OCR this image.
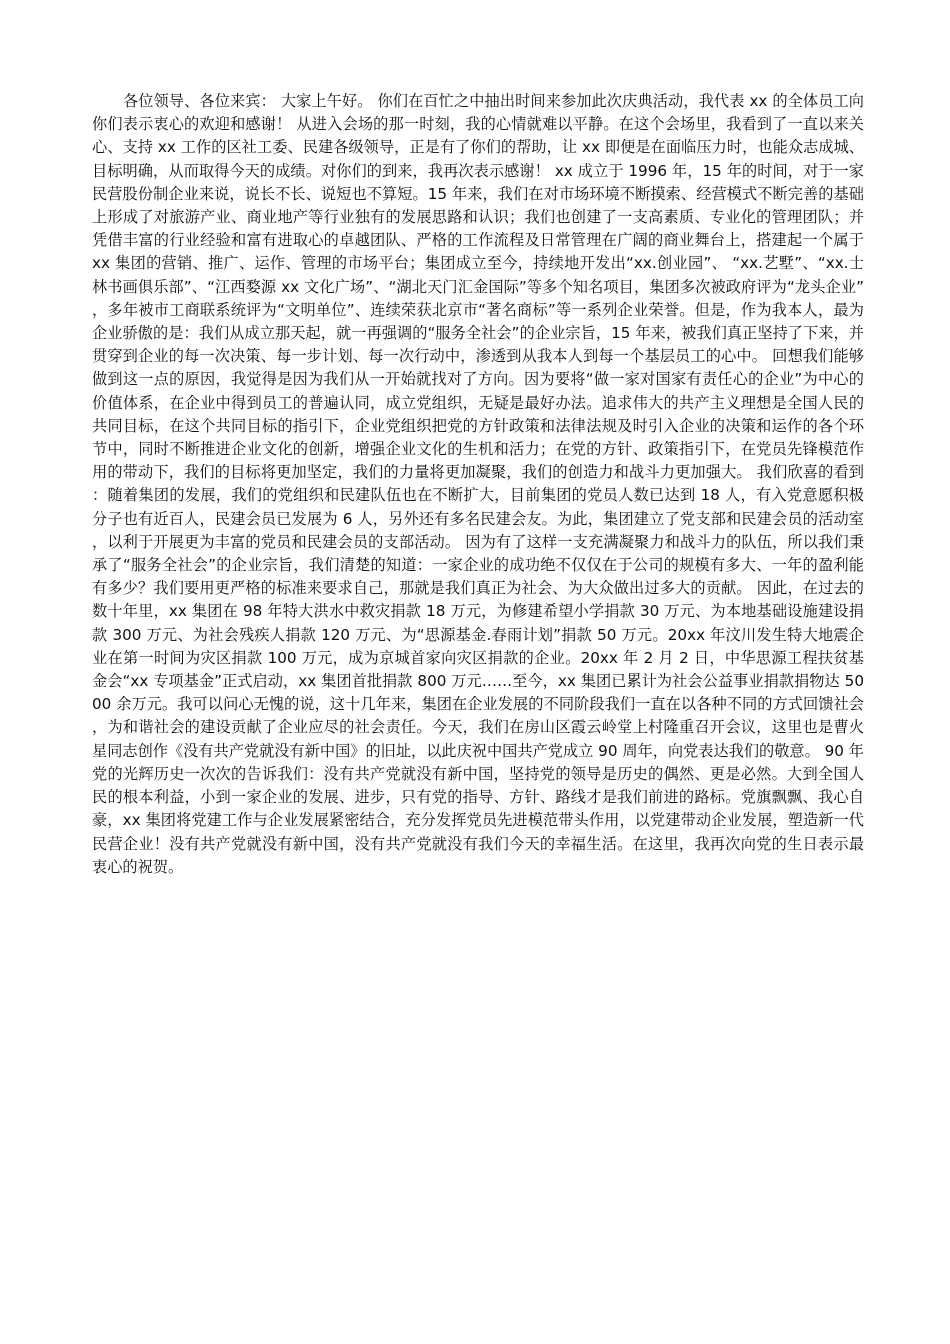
各位领导、各位来宾： 大家上午好。 你们在百忙之中抽出时间来参加此次庆典活动，我代表 xx 的全体员工向你们表示衷心的欢迎和感谢！ 从进入会场的那一时刻，我的心情就难以平静。在这个会场里，我看到了一直以来关心、支持 xx 工作的区社工委、民建各级领导，正是有了你们的帮助，让 xx 即便是在面临压力时，也能众志成城、目标明确，从而取得今天的成绩。对你们的到来，我再次表示感谢！ xx 成立于 1996 年，15 年的时间，对于一家民营股份制企业来说，说长不长、说短也不算短。15 年来，我们在对市场环境不断摸索、经营模式不断完善的基础上形成了对旅游产业、商业地产等行业独有的发展思路和认识；我们也创建了一支高素质、专业化的管理团队；并凭借丰富的行业经验和富有进取心的卓越团队、严格的工作流程及日常管理在广阔的商业舞台上，搭建起一个属于 xx 集团的营销、推广、运作、管理的市场平台；集团成立至今，持续地开发出“xx.创业园”、 “xx.艺墅”、“xx.士林书画俱乐部”、“江西婺源 xx 文化广场”、“湖北天门汇金国际”等多个知名项目，集团多次被政府评为“龙头企业”，多年被市工商联系统评为“文明单位”、连续荣获北京市“著名商标”等一系列企业荣誉。但是，作为我本人，最为企业骄傲的是：我们从成立那天起，就一再强调的“服务全社会”的企业宗旨，15 年来，被我们真正坚持了下来，并贯穿到企业的每一次决策、每一步计划、每一次行动中，渗透到从我本人到每一个基层员工的心中。 回想我们能够做到这一点的原因，我觉得是因为我们从一开始就找对了方向。因为要将“做一家对国家有责任心的企业”为中心的价值体系，在企业中得到员工的普遍认同，成立党组织，无疑是最好办法。追求伟大的共产主义理想是全国人民的共同目标，在这个共同目标的指引下，企业党组织把党的方针政策和法律法规及时引入企业的决策和运作的各个环节中，同时不断推进企业文化的创新，增强企业文化的生机和活力；在党的方针、政策指引下，在党员先锋模范作用的带动下，我们的目标将更加坚定，我们的力量将更加凝聚，我们的创造力和战斗力更加强大。 我们欣喜的看到：随着集团的发展，我们的党组织和民建队伍也在不断扩大，目前集团的党员人数已达到 18 人，有入党意愿积极分子也有近百人，民建会员已发展为 6 人，另外还有多名民建会友。为此，集团建立了党支部和民建会员的活动室，以利于开展更为丰富的党员和民建会员的支部活动。 因为有了这样一支充满凝聚力和战斗力的队伍，所以我们秉承了“服务全社会”的企业宗旨，我们清楚的知道：一家企业的成功绝不仅仅在于公司的规模有多大、一年的盈利能有多少？我们要用更严格的标准来要求自己，那就是我们真正为社会、为大众做出过多大的贡献。 因此，在过去的数十年里，xx 集团在 98 年特大洪水中救灾捐款 18 万元，为修建希望小学捐款 30 万元、为本地基础设施建设捐款 300 万元、为社会残疾人捐款 120 万元、为“思源基金.春雨计划”捐款 50 万元。20xx 年汶川发生特大地震企业在第一时间为灾区捐款 100 万元，成为京城首家向灾区捐款的企业。20xx 年 2 月 2 日，中华思源工程扶贫基金会“xx 专项基金”正式启动，xx 集团首批捐款 800 万元……至今，xx 集团已累计为社会公益事业捐款捐物达 5000 余万元。我可以问心无愧的说，这十几年来，集团在企业发展的不同阶段我们一直在以各种不同的方式回馈社会，为和谐社会的建设贡献了企业应尽的社会责任。今天，我们在房山区霞云岭堂上村隆重召开会议，这里也是曹火星同志创作《没有共产党就没有新中国》的旧址，以此庆祝中国共产党成立 90 周年，向党表达我们的敬意。 90 年党的光辉历史一次次的告诉我们：没有共产党就没有新中国，坚持党的领导是历史的偶然、更是必然。大到全国人民的根本利益，小到一家企业的发展、进步，只有党的指导、方针、路线才是我们前进的路标。党旗飘飘、我心自豪，xx 集团将党建工作与企业发展紧密结合，充分发挥党员先进模范带头作用，以党建带动企业发展，塑造新一代民营企业！没有共产党就没有新中国，没有共产党就没有我们今天的幸福生活。在这里，我再次向党的生日表示最衷心的祝贺。
